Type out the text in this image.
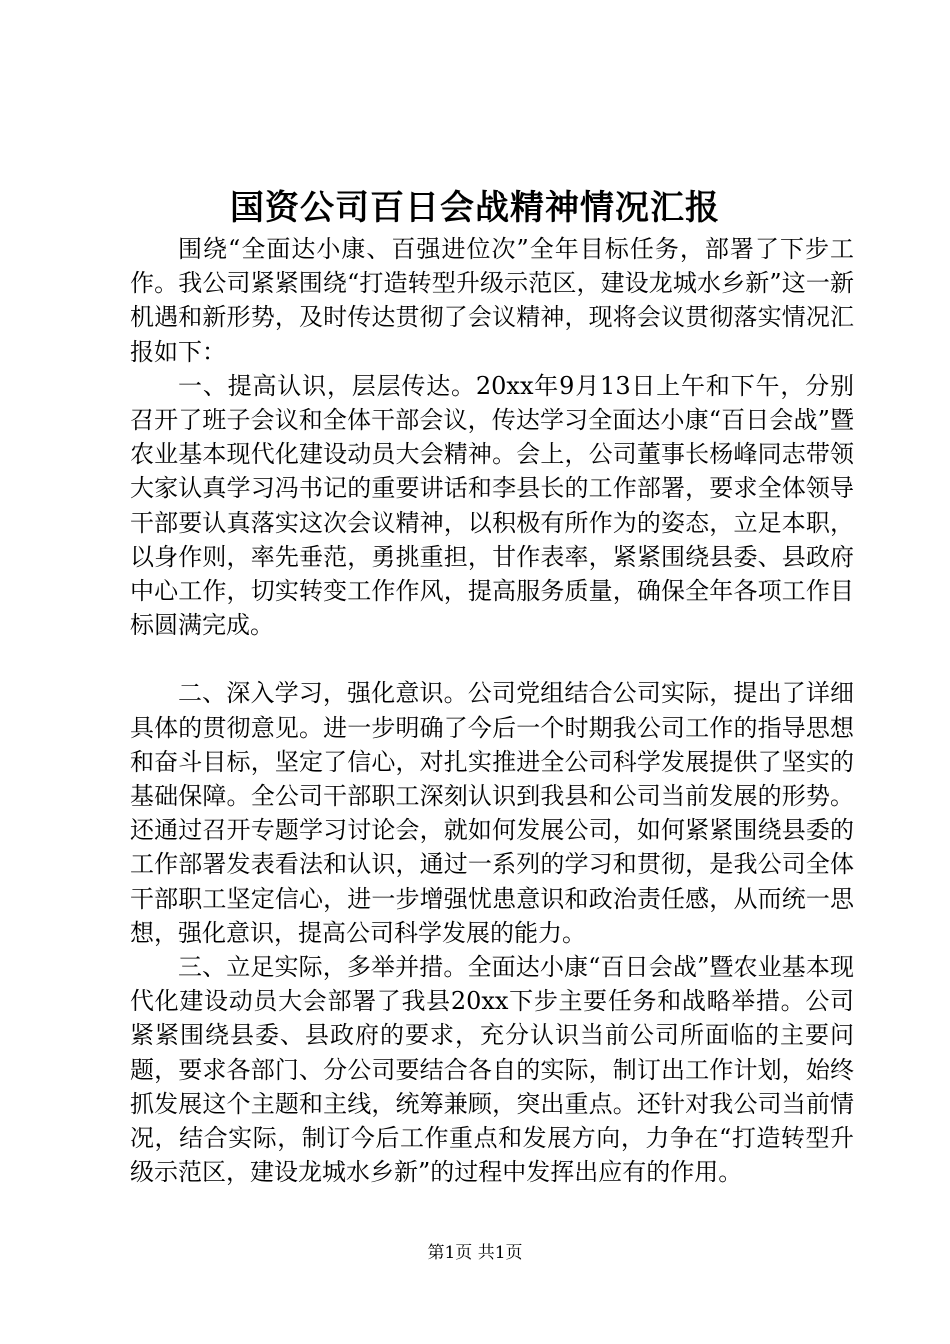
国资公司百日会战精神情况汇报

围绕“全面达小康、百强进位次”全年目标任务，部署了下步工作。我公司紧紧围绕“打造转型升级示范区，建设龙城水乡新”这一新机遇和新形势，及时传达贯彻了会议精神，现将会议贯彻落实情况汇报如下：

一、提高认识，层层传达。20xx年9月13日上午和下午，分别召开了班子会议和全体干部会议，传达学习全面达小康“百日会战”暨农业基本现代化建设动员大会精神。会上，公司董事长杨峰同志带领大家认真学习冯书记的重要讲话和李县长的工作部署，要求全体领导干部要认真落实这次会议精神，以积极有所作为的姿态，立足本职，以身作则，率先垂范，勇挑重担，甘作表率，紧紧围绕县委、县政府中心工作，切实转变工作作风，提高服务质量，确保全年各项工作目标圆满完成。

二、深入学习，强化意识。公司党组结合公司实际，提出了详细具体的贯彻意见。进一步明确了今后一个时期我公司工作的指导思想和奋斗目标，坚定了信心，对扎实推进全公司科学发展提供了坚实的基础保障。全公司干部职工深刻认识到我县和公司当前发展的形势。还通过召开专题学习讨论会，就如何发展公司，如何紧紧围绕县委的工作部署发表看法和认识，通过一系列的学习和贯彻，是我公司全体干部职工坚定信心，进一步增强忧患意识和政治责任感，从而统一思想，强化意识，提高公司科学发展的能力。

三、立足实际，多举并措。全面达小康“百日会战”暨农业基本现代化建设动员大会部署了我县20xx下步主要任务和战略举措。公司紧紧围绕县委、县政府的要求，充分认识当前公司所面临的主要问题，要求各部门、分公司要结合各自的实际，制订出工作计划，始终抓发展这个主题和主线，统筹兼顾，突出重点。还针对我公司当前情况，结合实际，制订今后工作重点和发展方向，力争在“打造转型升级示范区，建设龙城水乡新”的过程中发挥出应有的作用。

第1页 共1页
